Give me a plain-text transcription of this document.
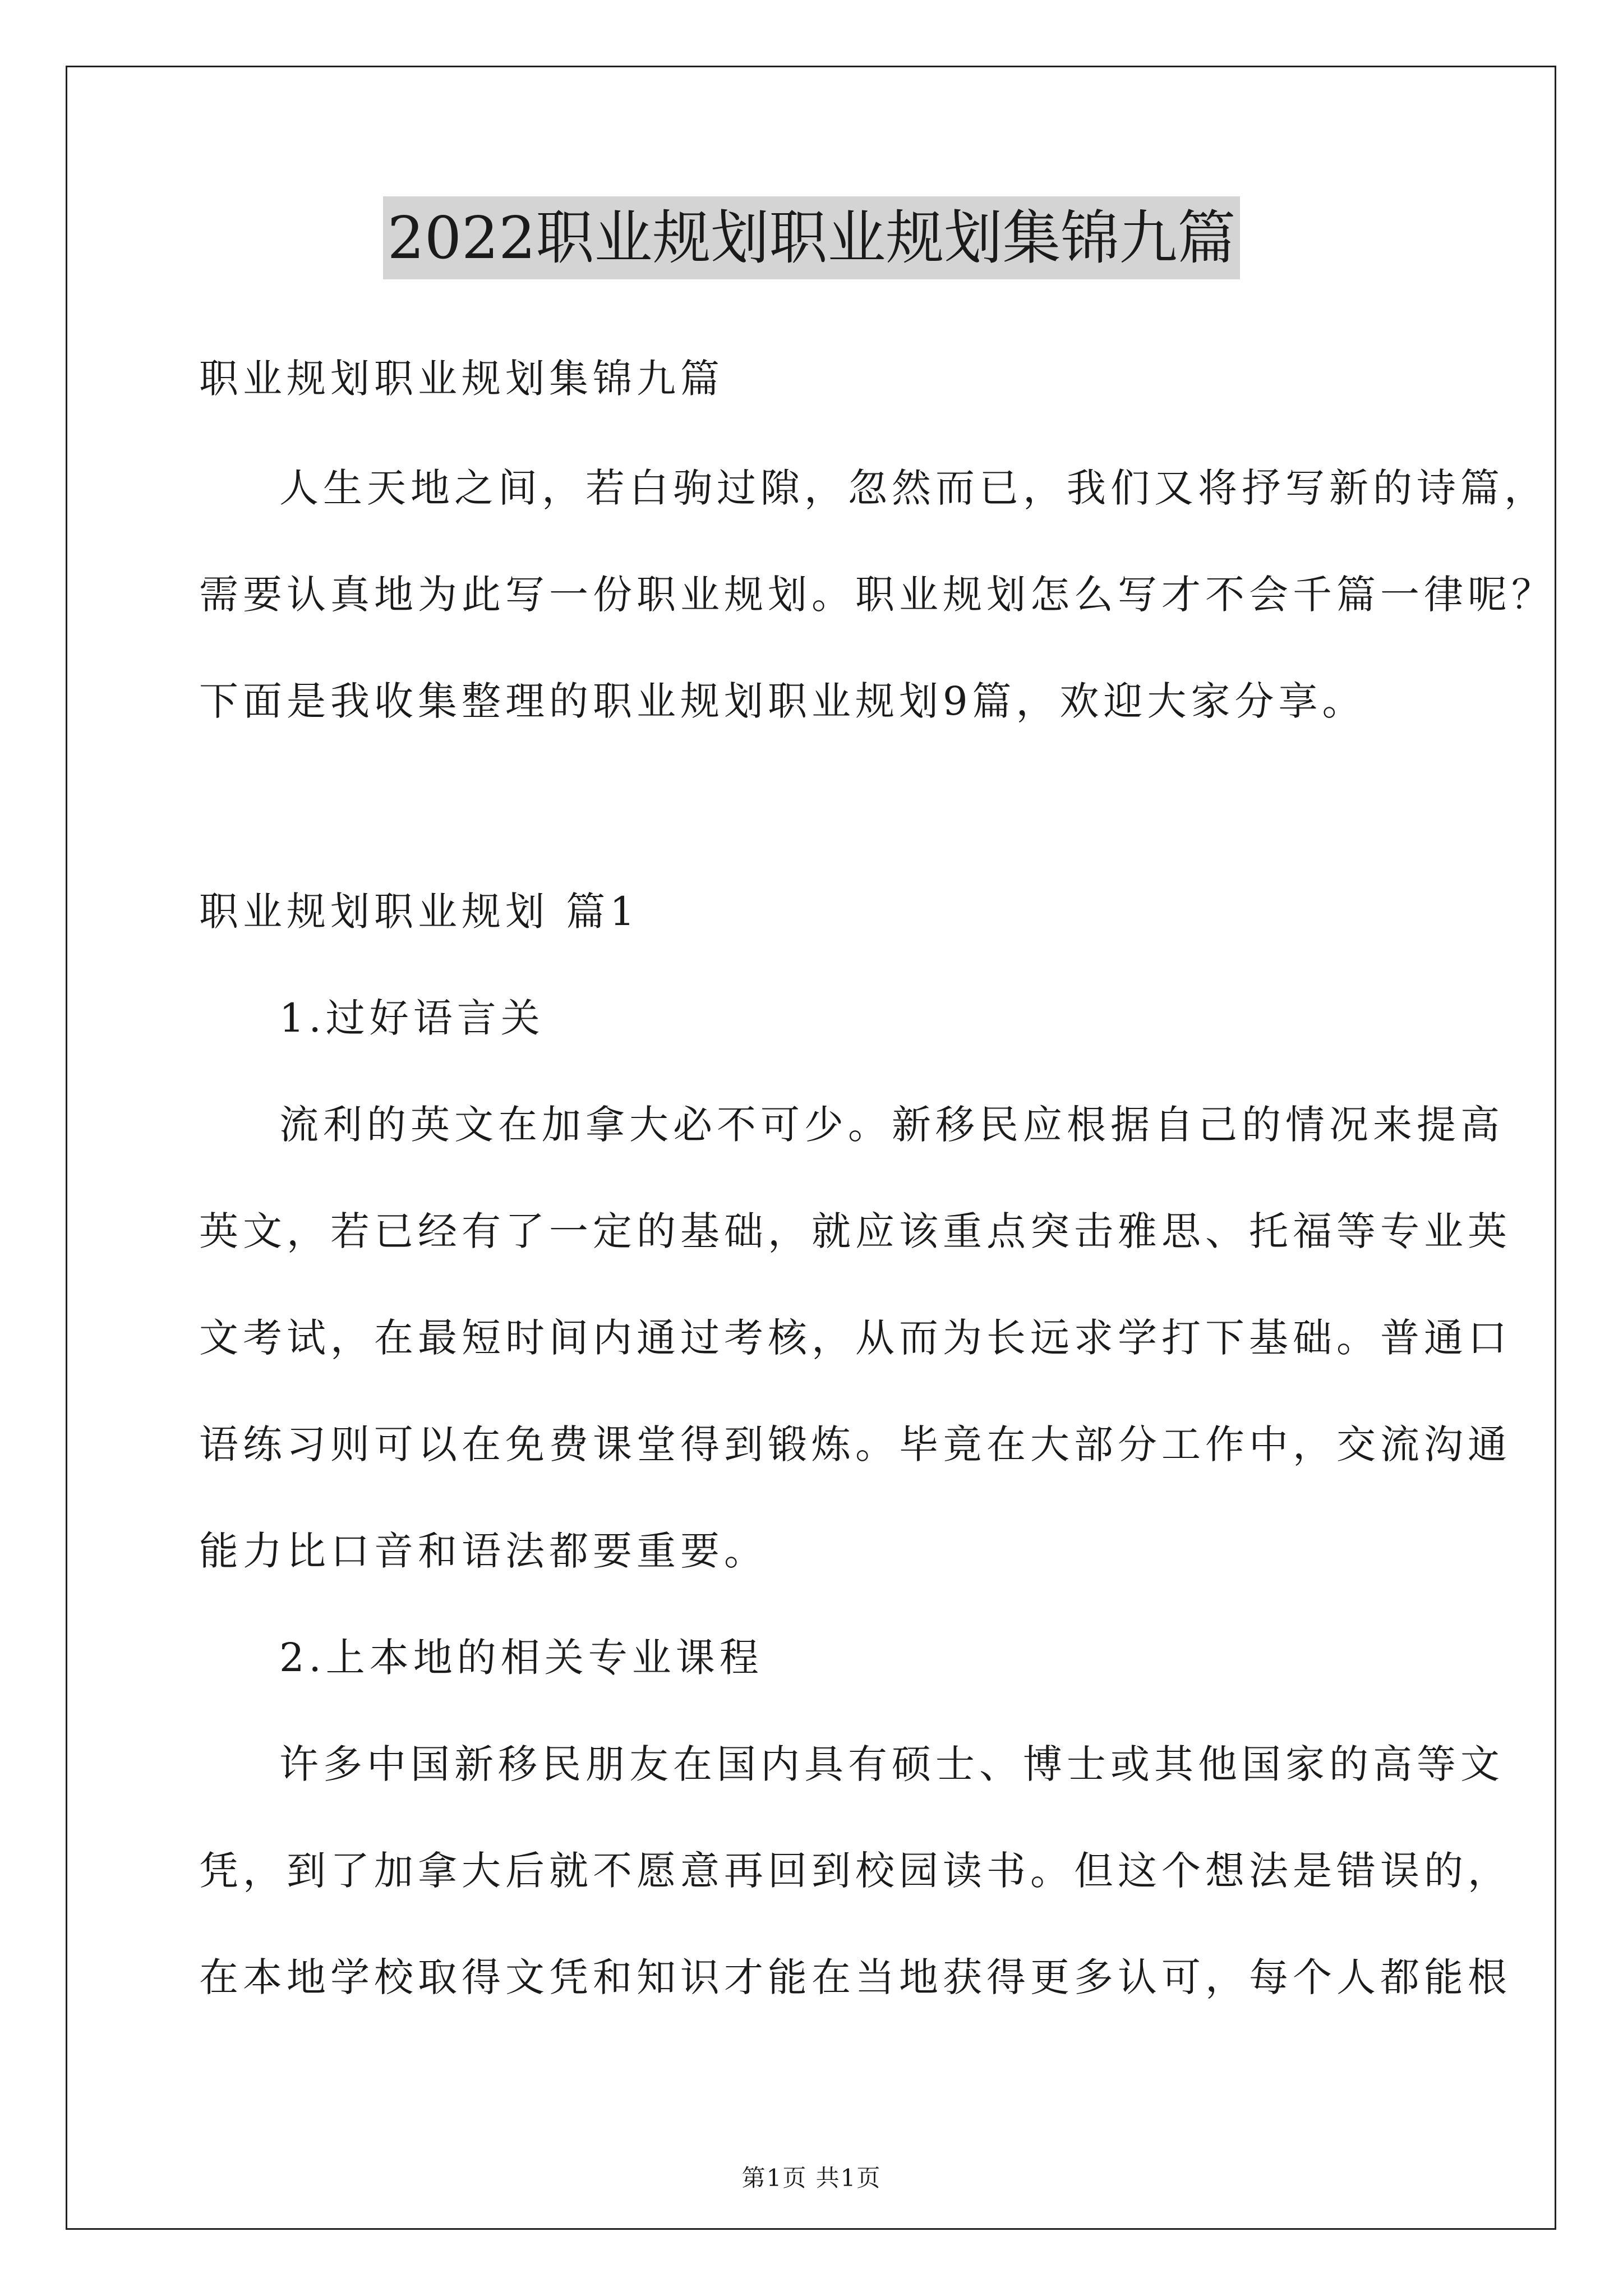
2022职业规划职业规划集锦九篇
职业规划职业规划集锦九篇
人生天地之间，若白驹过隙，忽然而已，我们又将抒写新的诗篇，
需要认真地为此写一份职业规划。职业规划怎么写才不会千篇一律呢？
下面是我收集整理的职业规划职业规划9篇，欢迎大家分享。
职业规划职业规划 篇1
1.过好语言关
流利的英文在加拿大必不可少。新移民应根据自己的情况来提高
英文，若已经有了一定的基础，就应该重点突击雅思、托福等专业英
文考试，在最短时间内通过考核，从而为长远求学打下基础。普通口
语练习则可以在免费课堂得到锻炼。毕竟在大部分工作中，交流沟通
能力比口音和语法都要重要。
2.上本地的相关专业课程
许多中国新移民朋友在国内具有硕士、博士或其他国家的高等文
凭，到了加拿大后就不愿意再回到校园读书。但这个想法是错误的，
在本地学校取得文凭和知识才能在当地获得更多认可，每个人都能根
第1页 共1页
